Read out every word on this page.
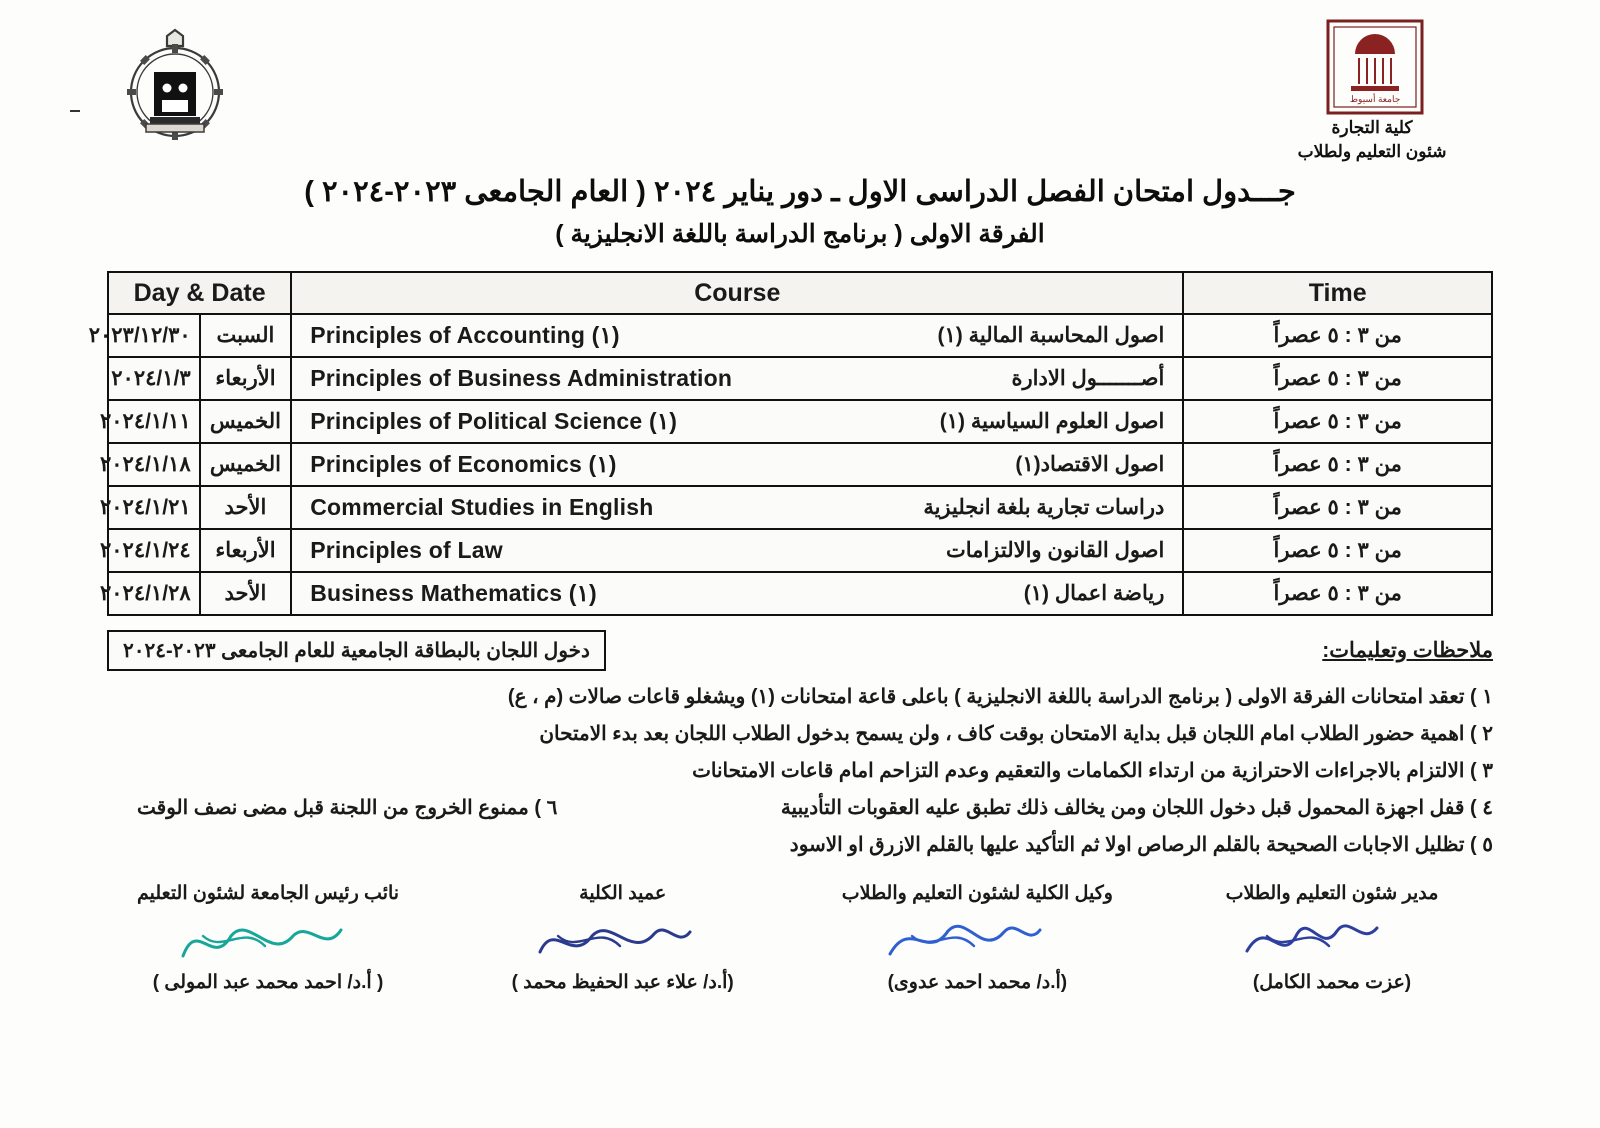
جامعة أسيوط
كلية التجارة
شئون التعليم ولطلاب
جـــدول امتحان الفصل الدراسى الاول ـ دور يناير ٢٠٢٤ ( العام الجامعى ٢٠٢٣-٢٠٢٤ )
الفرقة الاولى ( برنامج الدراسة باللغة الانجليزية )
Time	Course	Day & Date	
من ٣ : ٥ عصراً	Principles of Accounting (١) اصول المحاسبة المالية (١)	السبت	٢٠٢٣/١٢/٣٠
من ٣ : ٥ عصراً	Principles of Business Administration أصـــــــول الادارة	الأربعاء	٢٠٢٤/١/٣
من ٣ : ٥ عصراً	Principles of Political Science (١) اصول العلوم السياسية (١)	الخميس	٢٠٢٤/١/١١
من ٣ : ٥ عصراً	Principles of Economics (١) اصول الاقتصاد(١)	الخميس	٢٠٢٤/١/١٨
من ٣ : ٥ عصراً	Commercial Studies in English دراسات تجارية بلغة انجليزية	الأحد	٢٠٢٤/١/٢١
من ٣ : ٥ عصراً	Principles of Law اصول القانون والالتزامات	الأربعاء	٢٠٢٤/١/٢٤
من ٣ : ٥ عصراً	Business Mathematics (١) رياضة اعمال (١)	الأحد	٢٠٢٤/١/٢٨
ملاحظات وتعليمات:
دخول اللجان بالبطاقة الجامعية للعام الجامعى ٢٠٢٣-٢٠٢٤
١ ) تعقد امتحانات الفرقة الاولى ( برنامج الدراسة باللغة الانجليزية ) باعلى قاعة امتحانات (١) ويشغلو قاعات صالات (م ، ع)
٢ ) اهمية حضور الطلاب امام اللجان قبل بداية الامتحان بوقت كاف ، ولن يسمح بدخول الطلاب اللجان بعد بدء الامتحان
٣ ) الالتزام بالاجراءات الاحترازية من ارتداء الكمامات والتعقيم وعدم التزاحم امام قاعات الامتحانات
٤ ) قفل اجهزة المحمول قبل دخول اللجان ومن يخالف ذلك تطبق عليه العقوبات التأديبية
٦ ) ممنوع الخروج من اللجنة قبل مضى نصف الوقت
٥ ) تظليل الاجابات الصحيحة بالقلم الرصاص اولا ثم التأكيد عليها بالقلم الازرق او الاسود
مدير شئون التعليم والطلاب
(عزت محمد الكامل)
وكيل الكلية لشئون التعليم والطلاب
(أ.د/ محمد احمد عدوى)
عميد الكلية
(أ.د/ علاء عبد الحفيظ محمد )
نائب رئيس الجامعة لشئون التعليم
( أ.د/ احمد محمد عبد المولى )
